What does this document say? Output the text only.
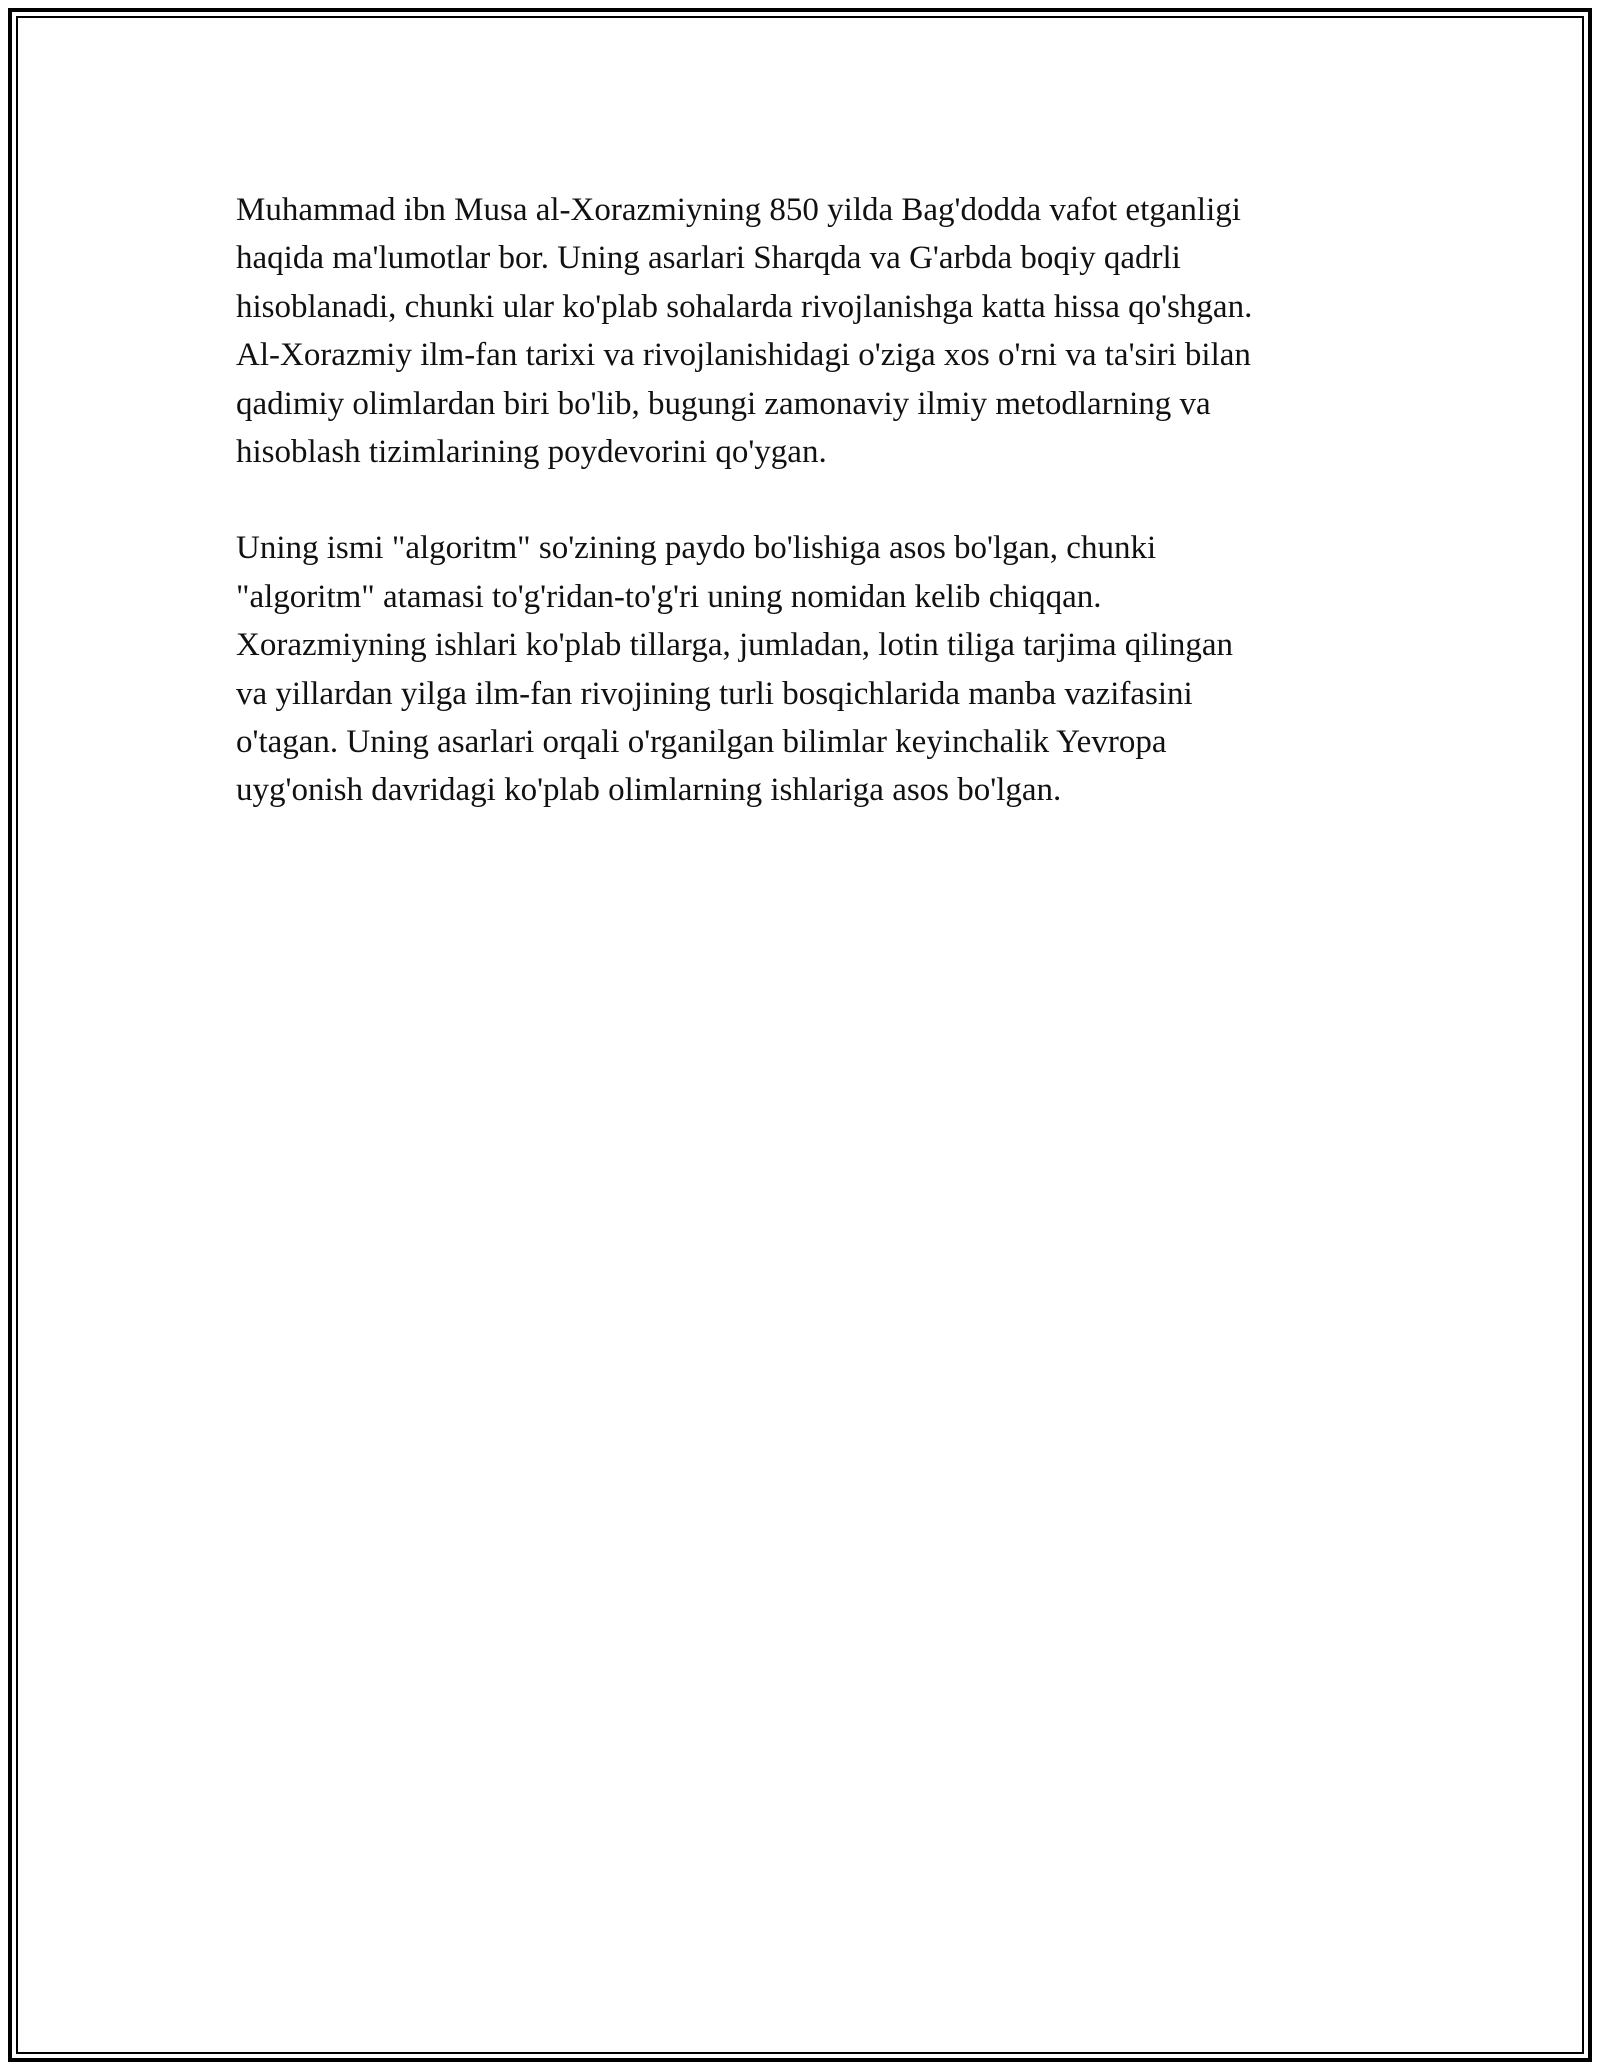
Muhammad ibn Musa al-Xorazmiyning 850 yilda Bag'dodda vafot etganligi
haqida ma'lumotlar bor. Uning asarlari Sharqda va G'arbda boqiy qadrli
hisoblanadi, chunki ular ko'plab sohalarda rivojlanishga katta hissa qo'shgan.
Al-Xorazmiy ilm-fan tarixi va rivojlanishidagi o'ziga xos o'rni va ta'siri bilan
qadimiy olimlardan biri bo'lib, bugungi zamonaviy ilmiy metodlarning va
hisoblash tizimlarining poydevorini qo'ygan.

Uning ismi "algoritm" so'zining paydo bo'lishiga asos bo'lgan, chunki
"algoritm" atamasi to'g'ridan-to'g'ri uning nomidan kelib chiqqan.
Xorazmiyning ishlari ko'plab tillarga, jumladan, lotin tiliga tarjima qilingan
va yillardan yilga ilm-fan rivojining turli bosqichlarida manba vazifasini
o'tagan. Uning asarlari orqali o'rganilgan bilimlar keyinchalik Yevropa
uyg'onish davridagi ko'plab olimlarning ishlariga asos bo'lgan.
